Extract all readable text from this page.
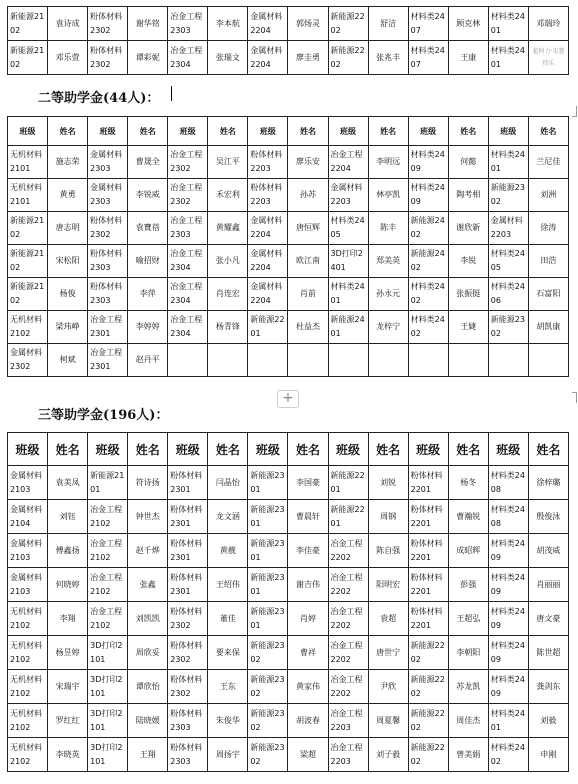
新能源2102	袁诗成	粉体材料2302	谢华铭	冶金工程2303	李本航	金属材料2204	郭炀灵	新能源2202	舒洁	材料类2407	顾克林	材料类2401	邓瑞玲
新能源2102	邓乐萱	粉体材料2302	谭彩妮	冶金工程2304	张瑞文	金属材料2204	廖圭勇	新能源2202	张兆丰	材料类2407	王康	材料类2401	超阿力·宋慧炜乐
二等助学金(44人)：
班级	姓名	班级	姓名	班级	姓名	班级	姓名	班级	姓名	班级	姓名	班级	姓名
无机材料2101	施志荣	金属材料2303	曹晟全	冶金工程2302	吴江平	粉体材料2203	廖乐安	冶金工程2204	李明远	材料类2409	何懿	材料类2401	兰尼佳
无机材料2101	黄勇	金属材料2303	李锐威	冶金工程2302	禾宏利	粉体材料2203	孙苏	金属材料2203	林亭凯	材料类2409	陶考相	新能源2302	刘洲
新能源2102	唐志明	粉体材料2302	袁寶蓓	冶金工程2303	黄耀鑫	金属材料2204	唐恒辉	材料类2405	陈丰	新能源2402	谢欣新	金属材料2203	徐涛
新能源2102	宋松阳	粉体材料2303	喻招财	冶金工程2304	张小凡	金属材料2204	欧江南	3D打印2401	郑美英	新能源2402	李锐	材料类2405	田浩
新能源2102	杨俊	粉体材料2303	李萍	冶金工程2304	肖连宏	金属材料2204	肖前	材料类2401	孙永元	材料类2402	张振挺	材料类2406	石富阳
无机材料2102	梁玮峥	冶金工程2301	李婷婷	冶金工程2304	杨青锋	新能源2201	杜益杰	新能源2401	龙梓宁	材料类2402	王婕	新能源2302	胡凯康
金属材料2302	柯斌	冶金工程2301	赵丹平										
+
三等助学金(196人)：
班级	姓名	班级	姓名	班级	姓名	班级	姓名	班级	姓名	班级	姓名	班级	姓名
金属材料2103	袁美凤	新能源2101	符诗扬	粉体材料2301	闫晶怡	新能源2301	李国豪	新能源2201	刘锐	粉体材料2201	杨冬	材料类2408	徐梓璐
金属材料2104	刘钰	冶金工程2102	钟世杰	粉体材料2301	龙文涵	新能源2301	曹晨轩	新能源2201	周钢	粉体材料2201	曹瀚锐	材料类2408	殷俊泳
金属材料2103	傅鑫扬	冶金工程2102	赵千烨	粉体材料2301	黄靓	新能源2301	李佳豪	冶金工程2202	陈自强	粉体材料2201	成昭辉	材料类2409	胡茂威
金属材料2103	何晓婷	冶金工程2102	张鑫	粉体材料2301	王绍伟	新能源2301	谢吉伟	冶金工程2202	阳明宏	粉体材料2201	彭强	材料类2409	肖丽丽
无机材料2102	李翔	冶金工程2102	刘凯凯	粉体材料2302	董佳	新能源2301	肖婷	冶金工程2202	袁超	粉体材料2201	王超弘	材料类2409	唐文豪
无机材料2102	杨昱婷	3D打印2101	周欣妥	粉体材料2302	要来保	新能源2302	曹祥	冶金工程2202	唐世宁	新能源2202	李朝阳	材料类2409	陈世超
无机材料2102	宋瑞宇	3D打印2101	谭欣怡	粉体材料2302	王东	新能源2302	黄家伟	冶金工程2202	尹欣	新能源2202	苏龙凯	材料类2409	龚剑东
无机材料2102	罗红红	3D打印2101	陆晓媛	粉体材料2303	朱俊华	新能源2302	胡波春	冶金工程2203	周夏馨	新能源2202	周佳杰	材料类2401	刘毅
无机材料2102	李晓英	3D打印2101	王翔	粉体材料2303	周扬宇	新能源2302	梁超	冶金工程2203	刘子毅	新能源2202	曾美娟	材料类2402	申刚
